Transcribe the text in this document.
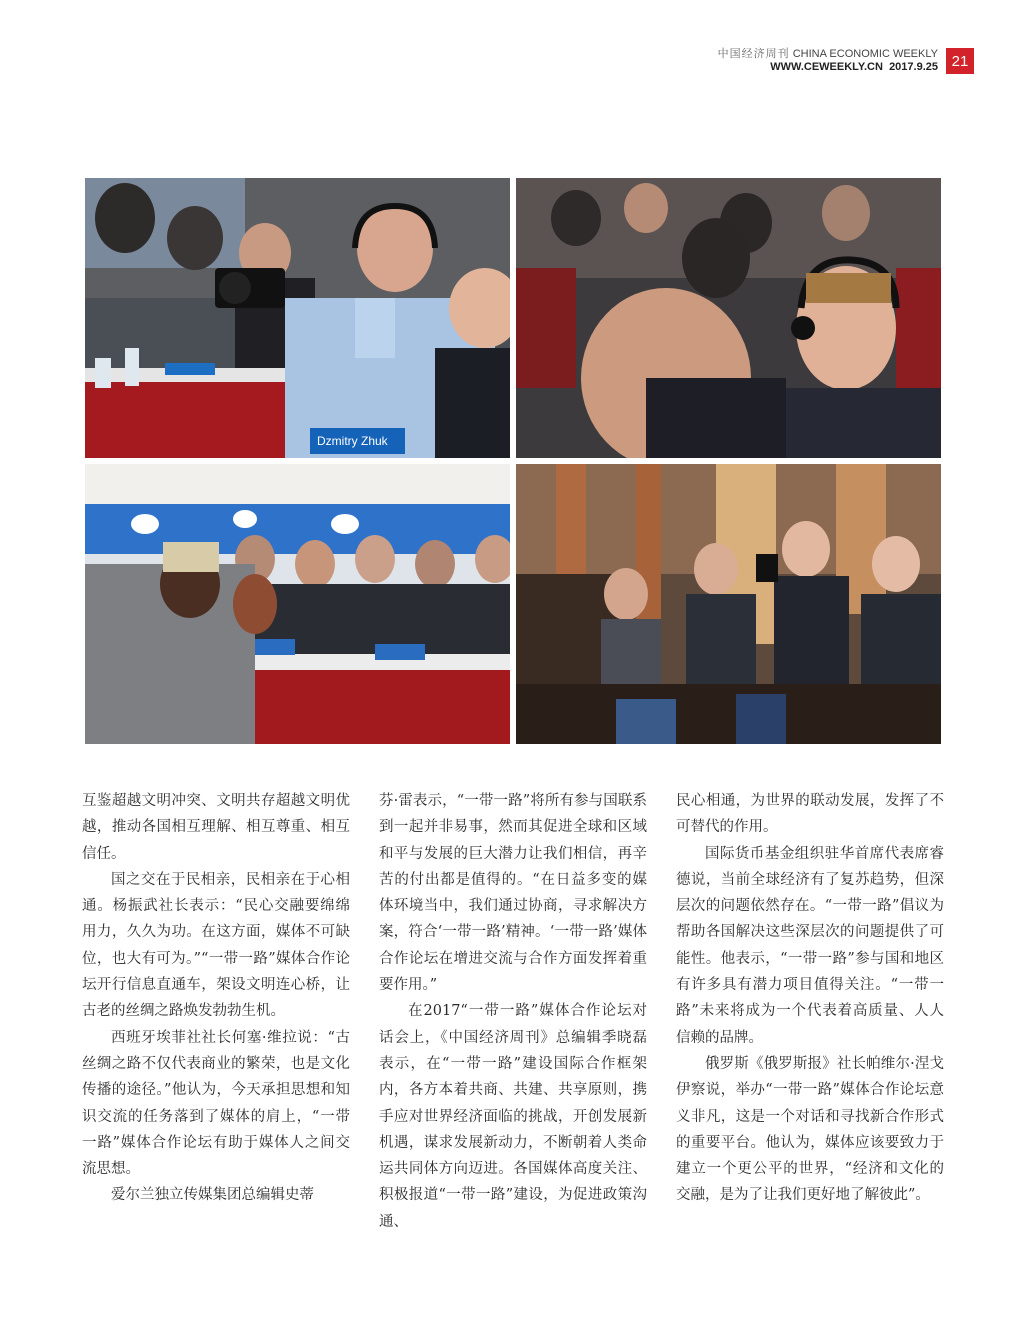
中国经济周刊 CHINA ECONOMIC WEEKLY
WWW.CEWEEKLY.CN 2017.9.25 21
Dzmitry Zhuk

互鉴超越文明冲突、文明共存超越文明优越，推动各国相互理解、相互尊重、相互信任。

国之交在于民相亲，民相亲在于心相通。杨振武社长表示：“民心交融要绵绵用力，久久为功。在这方面，媒体不可缺位，也大有可为。”“一带一路”媒体合作论坛开行信息直通车，架设文明连心桥，让古老的丝绸之路焕发勃勃生机。

西班牙埃菲社社长何塞·维拉说：“古丝绸之路不仅代表商业的繁荣，也是文化传播的途径。”他认为，今天承担思想和知识交流的任务落到了媒体的肩上，“一带一路”媒体合作论坛有助于媒体人之间交流思想。

爱尔兰独立传媒集团总编辑史蒂

芬·雷表示，“一带一路”将所有参与国联系到一起并非易事，然而其促进全球和区域和平与发展的巨大潜力让我们相信，再辛苦的付出都是值得的。“在日益多变的媒体环境当中，我们通过协商，寻求解决方案，符合‘一带一路’精神。‘一带一路’媒体合作论坛在增进交流与合作方面发挥着重要作用。”

在2017“一带一路”媒体合作论坛对话会上，《中国经济周刊》总编辑季晓磊表示，在“一带一路”建设国际合作框架内，各方本着共商、共建、共享原则，携手应对世界经济面临的挑战，开创发展新机遇，谋求发展新动力，不断朝着人类命运共同体方向迈进。各国媒体高度关注、积极报道“一带一路”建设，为促进政策沟通、

民心相通，为世界的联动发展，发挥了不可替代的作用。

国际货币基金组织驻华首席代表席睿德说，当前全球经济有了复苏趋势，但深层次的问题依然存在。“一带一路”倡议为帮助各国解决这些深层次的问题提供了可能性。他表示，“一带一路”参与国和地区有许多具有潜力项目值得关注。“一带一路”未来将成为一个代表着高质量、人人信赖的品牌。

俄罗斯《俄罗斯报》社长帕维尔·涅戈伊察说，举办“一带一路”媒体合作论坛意义非凡，这是一个对话和寻找新合作形式的重要平台。他认为，媒体应该要致力于建立一个更公平的世界，“经济和文化的交融，是为了让我们更好地了解彼此”。
